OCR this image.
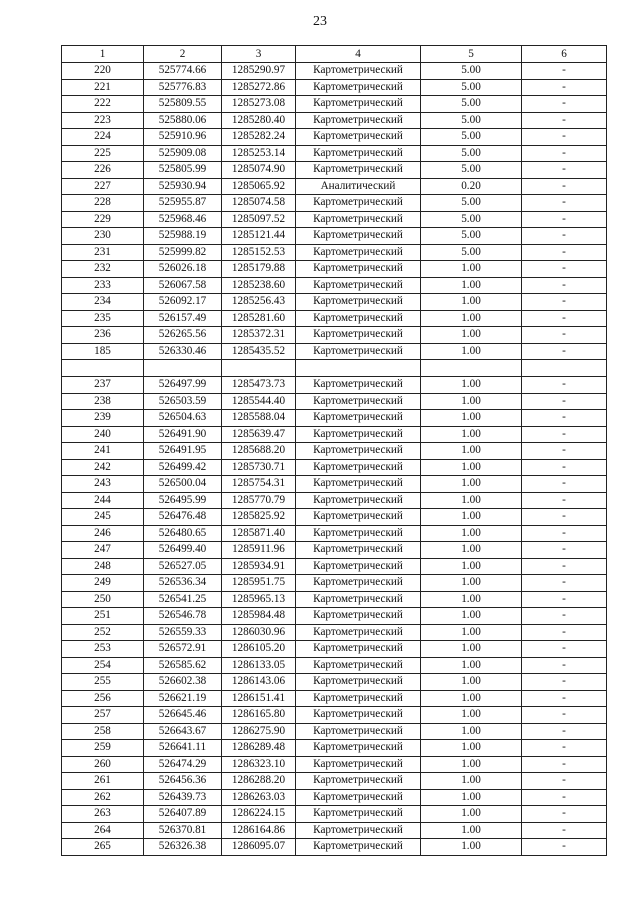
23
1	2	3	4	5	6
220	525774.66	1285290.97	Картометрический	5.00	-
221	525776.83	1285272.86	Картометрический	5.00	-
222	525809.55	1285273.08	Картометрический	5.00	-
223	525880.06	1285280.40	Картометрический	5.00	-
224	525910.96	1285282.24	Картометрический	5.00	-
225	525909.08	1285253.14	Картометрический	5.00	-
226	525805.99	1285074.90	Картометрический	5.00	-
227	525930.94	1285065.92	Аналитический	0.20	-
228	525955.87	1285074.58	Картометрический	5.00	-
229	525968.46	1285097.52	Картометрический	5.00	-
230	525988.19	1285121.44	Картометрический	5.00	-
231	525999.82	1285152.53	Картометрический	5.00	-
232	526026.18	1285179.88	Картометрический	1.00	-
233	526067.58	1285238.60	Картометрический	1.00	-
234	526092.17	1285256.43	Картометрический	1.00	-
235	526157.49	1285281.60	Картометрический	1.00	-
236	526265.56	1285372.31	Картометрический	1.00	-
185	526330.46	1285435.52	Картометрический	1.00	-

237	526497.99	1285473.73	Картометрический	1.00	-
238	526503.59	1285544.40	Картометрический	1.00	-
239	526504.63	1285588.04	Картометрический	1.00	-
240	526491.90	1285639.47	Картометрический	1.00	-
241	526491.95	1285688.20	Картометрический	1.00	-
242	526499.42	1285730.71	Картометрический	1.00	-
243	526500.04	1285754.31	Картометрический	1.00	-
244	526495.99	1285770.79	Картометрический	1.00	-
245	526476.48	1285825.92	Картометрический	1.00	-
246	526480.65	1285871.40	Картометрический	1.00	-
247	526499.40	1285911.96	Картометрический	1.00	-
248	526527.05	1285934.91	Картометрический	1.00	-
249	526536.34	1285951.75	Картометрический	1.00	-
250	526541.25	1285965.13	Картометрический	1.00	-
251	526546.78	1285984.48	Картометрический	1.00	-
252	526559.33	1286030.96	Картометрический	1.00	-
253	526572.91	1286105.20	Картометрический	1.00	-
254	526585.62	1286133.05	Картометрический	1.00	-
255	526602.38	1286143.06	Картометрический	1.00	-
256	526621.19	1286151.41	Картометрический	1.00	-
257	526645.46	1286165.80	Картометрический	1.00	-
258	526643.67	1286275.90	Картометрический	1.00	-
259	526641.11	1286289.48	Картометрический	1.00	-
260	526474.29	1286323.10	Картометрический	1.00	-
261	526456.36	1286288.20	Картометрический	1.00	-
262	526439.73	1286263.03	Картометрический	1.00	-
263	526407.89	1286224.15	Картометрический	1.00	-
264	526370.81	1286164.86	Картометрический	1.00	-
265	526326.38	1286095.07	Картометрический	1.00	-
